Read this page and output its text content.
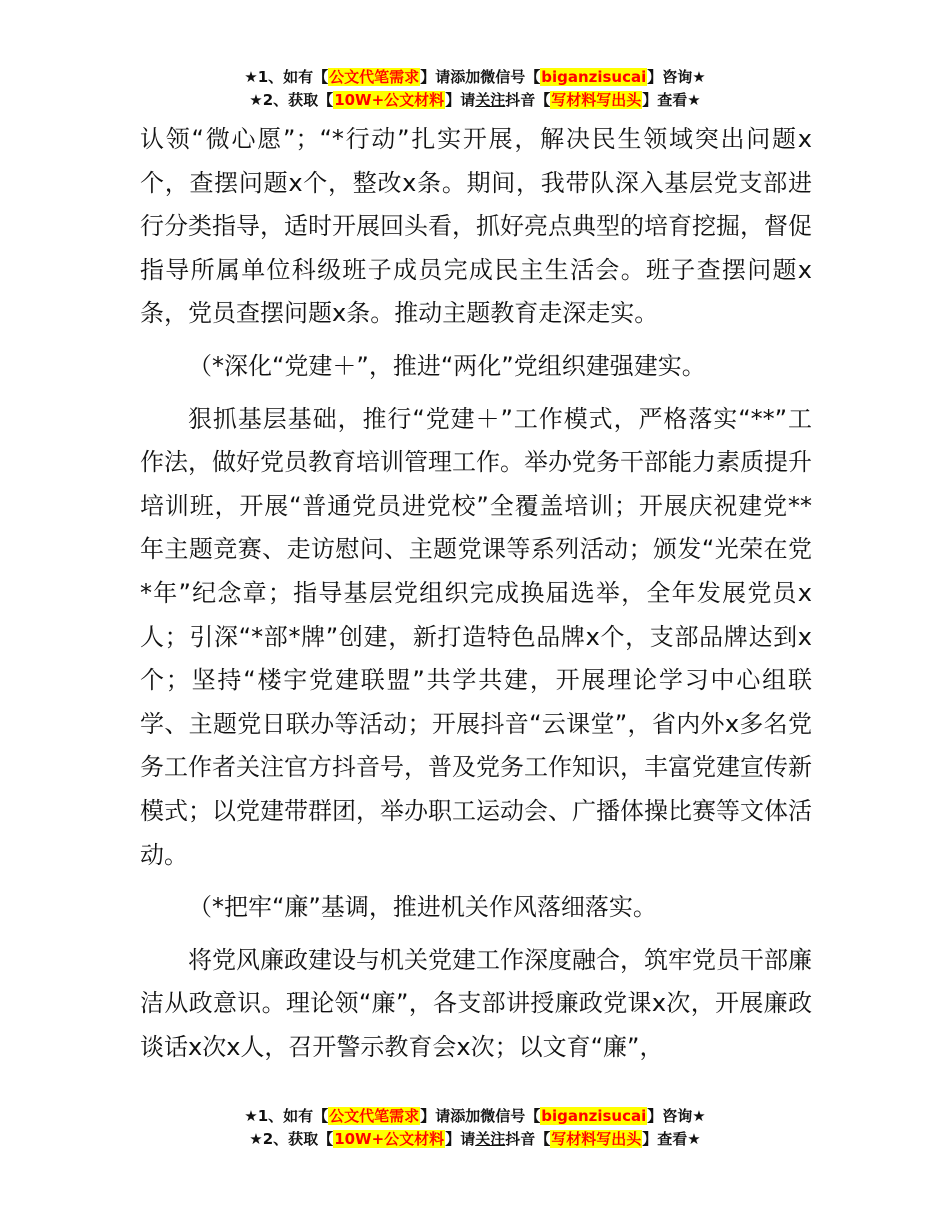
★1、如有【公文代笔需求】请添加微信号【biganzisucai】咨询★
★2、获取【10W+公文材料】请关注抖音【写材料写出头】查看★

认领“微心愿”；“*行动”扎实开展，解决民生领域突出问题x个，查摆问题x个，整改x条。期间，我带队深入基层党支部进行分类指导，适时开展回头看，抓好亮点典型的培育挖掘，督促指导所属单位科级班子成员完成民主生活会。班子查摆问题x条，党员查摆问题x条。推动主题教育走深走实。

（*深化“党建＋”，推进“两化”党组织建强建实。

狠抓基层基础，推行“党建＋”工作模式，严格落实“**”工作法，做好党员教育培训管理工作。举办党务干部能力素质提升培训班，开展“普通党员进党校”全覆盖培训；开展庆祝建党**年主题竞赛、走访慰问、主题党课等系列活动；颁发“光荣在党*年”纪念章；指导基层党组织完成换届选举，全年发展党员x人；引深“*部*牌”创建，新打造特色品牌x个，支部品牌达到x个；坚持“楼宇党建联盟”共学共建，开展理论学习中心组联学、主题党日联办等活动；开展抖音“云课堂”，省内外x多名党务工作者关注官方抖音号，普及党务工作知识，丰富党建宣传新模式；以党建带群团，举办职工运动会、广播体操比赛等文体活动。

（*把牢“廉”基调，推进机关作风落细落实。

将党风廉政建设与机关党建工作深度融合，筑牢党员干部廉洁从政意识。理论领“廉”，各支部讲授廉政党课x次，开展廉政谈话x次x人，召开警示教育会x次；以文育“廉”，

★1、如有【公文代笔需求】请添加微信号【biganzisucai】咨询★
★2、获取【10W+公文材料】请关注抖音【写材料写出头】查看★
